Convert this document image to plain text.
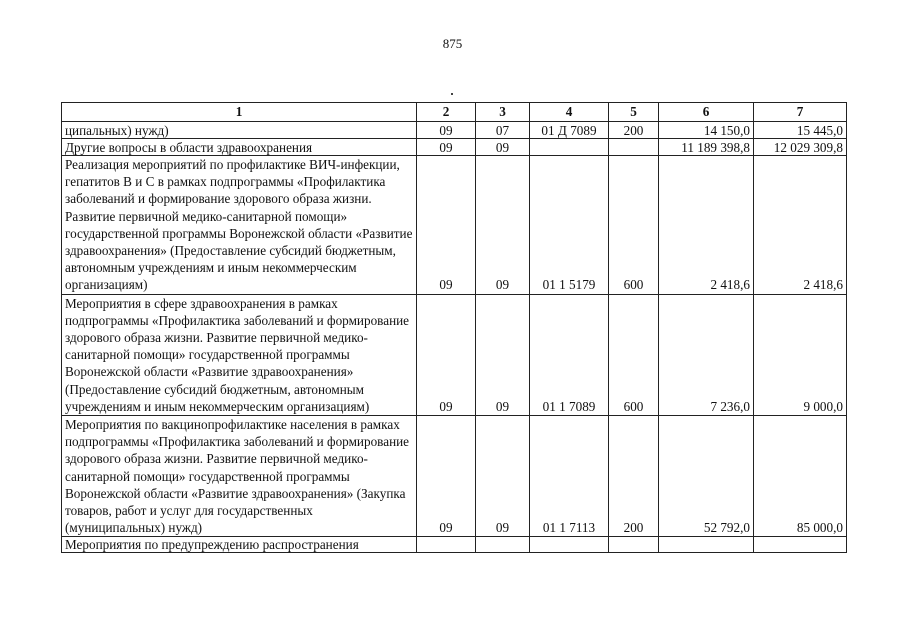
875
1	2	3	4	5	6	7
ципальных) нужд)	09	07	01 Д 7089	200	14 150,0	15 445,0
Другие вопросы в области здравоохранения	09	09			11 189 398,8	12 029 309,8
Реализация мероприятий по профилактике ВИЧ-инфекции, гепатитов В и С в рамках подпрограммы «Профилактика заболеваний и формирование здорового образа жизни. Развитие первичной медико-санитарной помощи» государственной программы Воронежской области «Развитие здравоохранения» (Предоставление субсидий бюджетным, автономным учреждениям и иным некоммерческим организациям)	09	09	01 1 5179	600	2 418,6	2 418,6
Мероприятия в сфере здравоохранения в рамках подпрограммы «Профилактика заболеваний и формирование здорового образа жизни. Развитие первичной медико-санитарной помощи» государственной программы Воронежской области «Развитие здравоохранения» (Предоставление субсидий бюджетным, автономным учреждениям и иным некоммерческим организациям)	09	09	01 1 7089	600	7 236,0	9 000,0
Мероприятия по вакцинопрофилактике населения в рамках подпрограммы «Профилактика заболеваний и формирование здорового образа жизни. Развитие первичной медико-санитарной помощи» государственной программы Воронежской области «Развитие здравоохранения» (Закупка товаров, работ и услуг для государственных (муниципальных) нужд)	09	09	01 1 7113	200	52 792,0	85 000,0
Мероприятия по предупреждению распространения						
